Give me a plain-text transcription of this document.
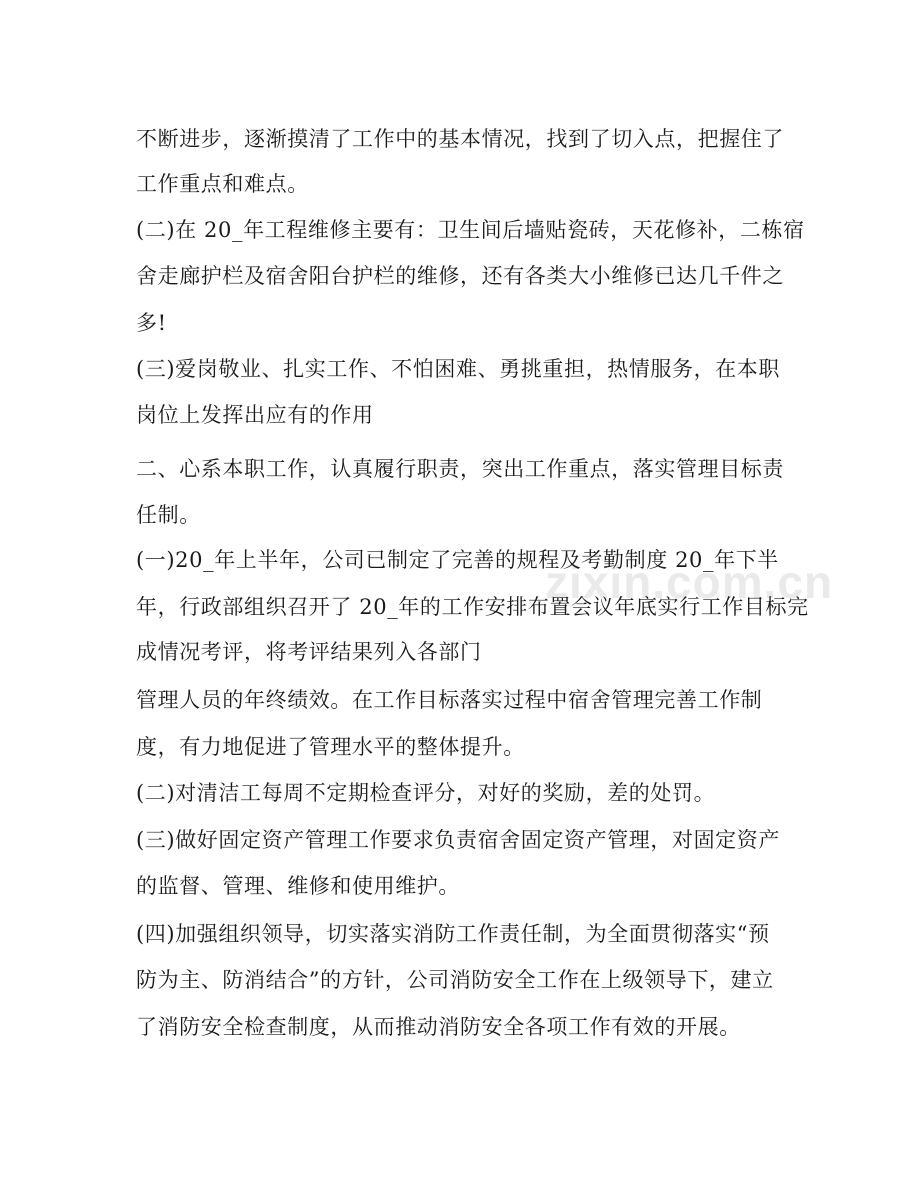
zixin.com.cn
不断进步，逐渐摸清了工作中的基本情况，找到了切入点，把握住了
工作重点和难点。
(二)在 20_年工程维修主要有：卫生间后墙贴瓷砖，天花修补，二栋宿
舍走廊护栏及宿舍阳台护栏的维修，还有各类大小维修已达几千件之
多!
(三)爱岗敬业、扎实工作、不怕困难、勇挑重担，热情服务，在本职
岗位上发挥出应有的作用
二、心系本职工作，认真履行职责，突出工作重点，落实管理目标责
任制。
(一)20_年上半年，公司已制定了完善的规程及考勤制度 20_年下半
年，行政部组织召开了 20_年的工作安排布置会议年底实行工作目标完
成情况考评，将考评结果列入各部门
管理人员的年终绩效。在工作目标落实过程中宿舍管理完善工作制
度，有力地促进了管理水平的整体提升。
(二)对清洁工每周不定期检查评分，对好的奖励，差的处罚。
(三)做好固定资产管理工作要求负责宿舍固定资产管理，对固定资产
的监督、管理、维修和使用维护。
(四)加强组织领导，切实落实消防工作责任制，为全面贯彻落实“预
防为主、防消结合”的方针，公司消防安全工作在上级领导下，建立
了消防安全检查制度，从而推动消防安全各项工作有效的开展。
